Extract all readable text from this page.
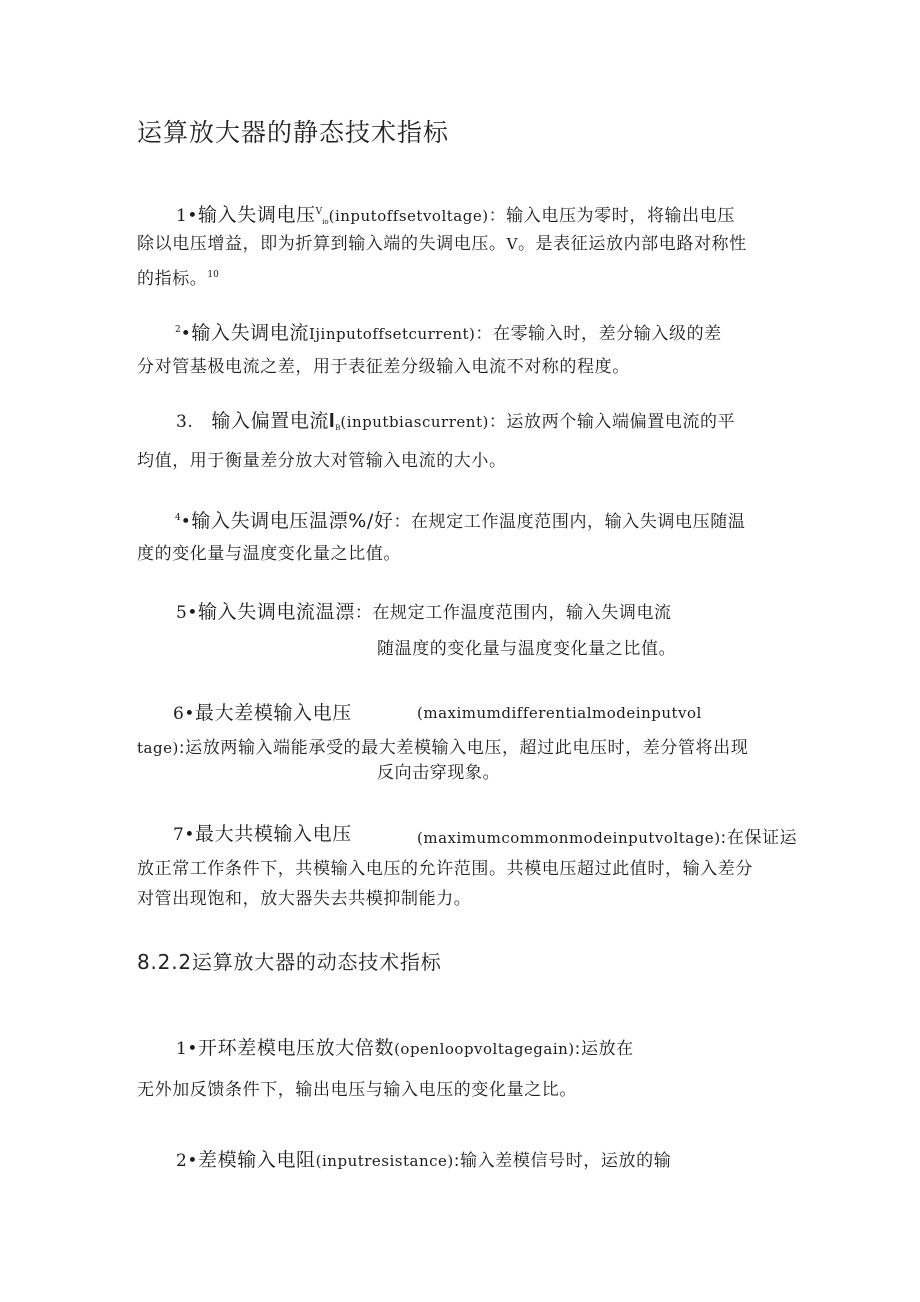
运算放大器的静态技术指标
1•输入失调电压$^V_{io}$(inputoffsetvoltage)：输入电压为零时，将输出电压
除以电压增益，即为折算到输入端的失调电压。V。是表征运放内部电路对称性
的指标。$^{10}$
$^2$•输入失调电流Ijinputoffsetcurrent)：在零输入时，差分输入级的差
分对管基极电流之差，用于表征差分级输入电流不对称的程度。
3. 输入偏置电流$I_B(inputbiascurrent)$：运放两个输入端偏置电流的平
均值，用于衡量差分放大对管输入电流的大小。
$^4$•输入失调电压温漂%/好：在规定工作温度范围内，输入失调电压随温
度的变化量与温度变化量之比值。
5•输入失调电流温漂：在规定工作温度范围内，输入失调电流
随温度的变化量与温度变化量之比值。
6•最大差模输入电压	(maximumdifferentialmodeinputvol
tage):运放两输入端能承受的最大差模输入电压，超过此电压时，差分管将出现
反向击穿现象。
7•最大共模输入电压	(maximumcommonmodeinputvoltage):在保证运
放正常工作条件下，共模输入电压的允许范围。共模电压超过此值时，输入差分
对管出现饱和，放大器失去共模抑制能力。
8.2.2运算放大器的动态技术指标
1•开环差模电压放大倍数(openloopvoltagegain):运放在
无外加反馈条件下，输出电压与输入电压的变化量之比。
2•差模输入电阻(inputresistance):输入差模信号时，运放的输
